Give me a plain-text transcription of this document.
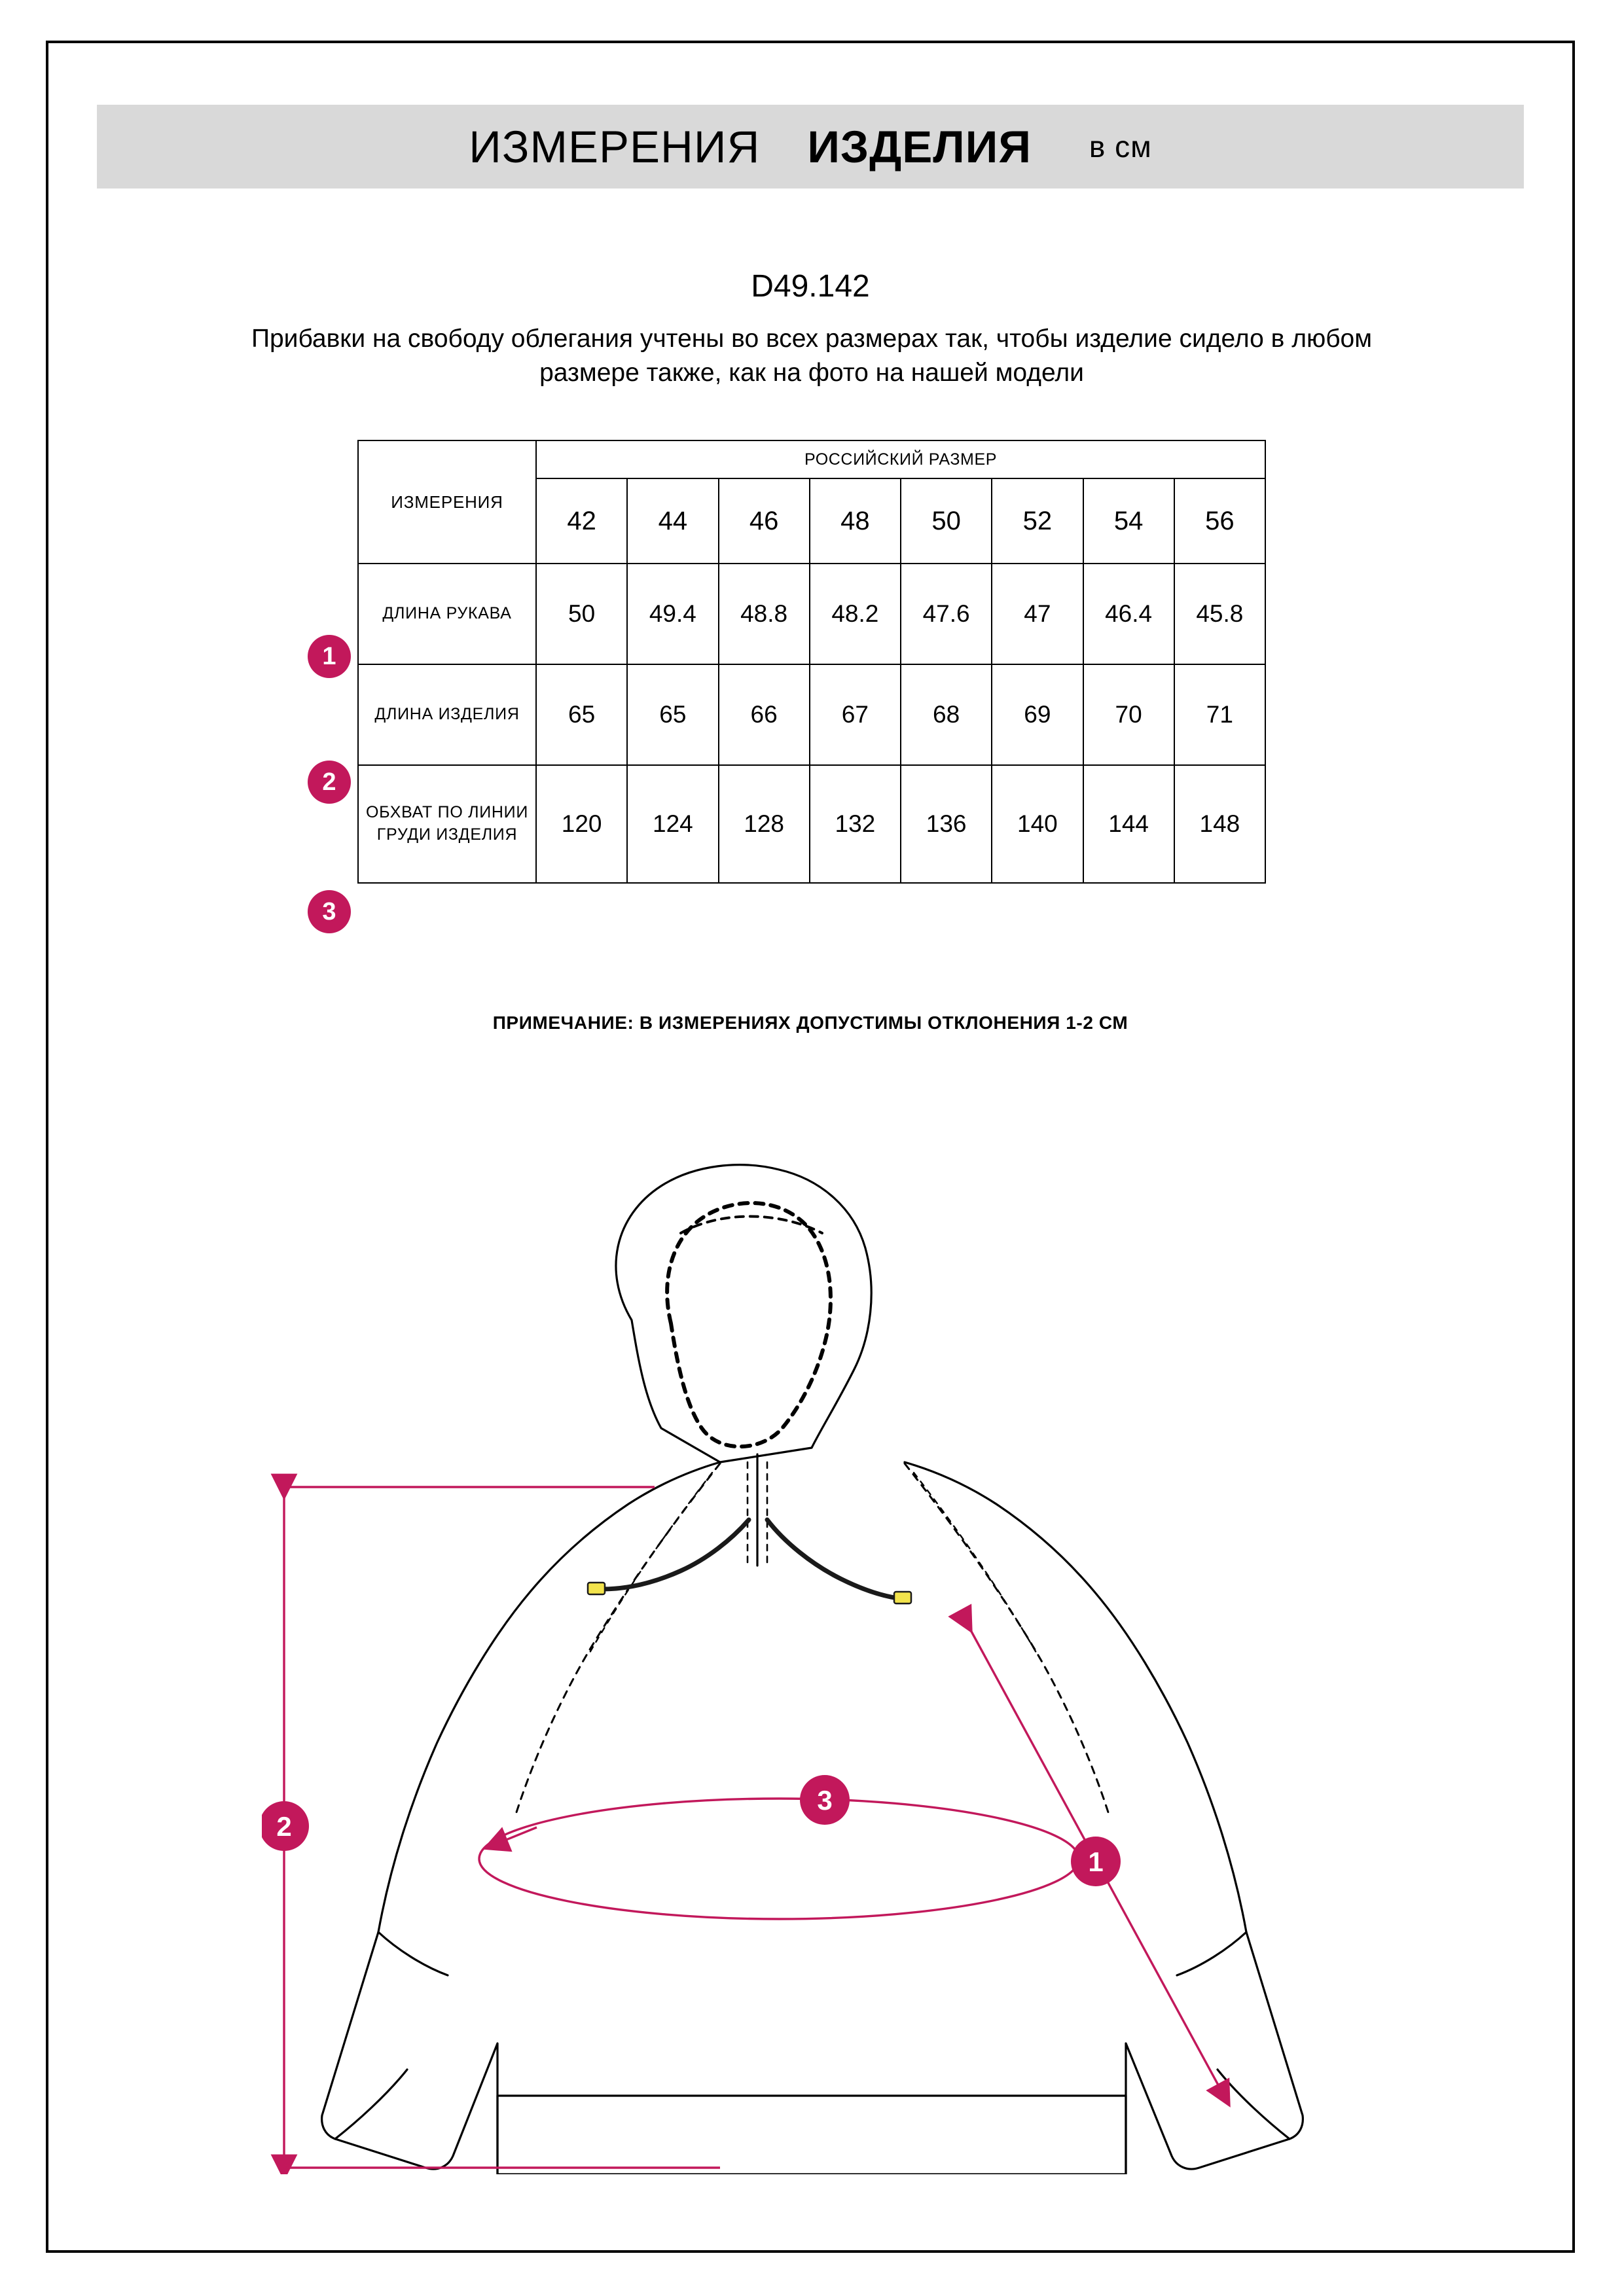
ИЗМЕРЕНИЯ ИЗДЕЛИЯ в см
D49.142
Прибавки на свободу облегания учтены во всех размерах так, чтобы изделие сидело в любом размере также, как на фото на нашей модели
1
2
3
ИЗМЕРЕНИЯ	РОССИЙСКИЙ РАЗМЕР							
	42	44	46	48	50	52	54	56
ДЛИНА РУКАВА	50	49.4	48.8	48.2	47.6	47	46.4	45.8
ДЛИНА ИЗДЕЛИЯ	65	65	66	67	68	69	70	71
ОБХВАТ ПО ЛИНИИ ГРУДИ ИЗДЕЛИЯ	120	124	128	132	136	140	144	148
ПРИМЕЧАНИЕ: В ИЗМЕРЕНИЯХ ДОПУСТИМЫ ОТКЛОНЕНИЯ 1-2 СМ
2
3
1
